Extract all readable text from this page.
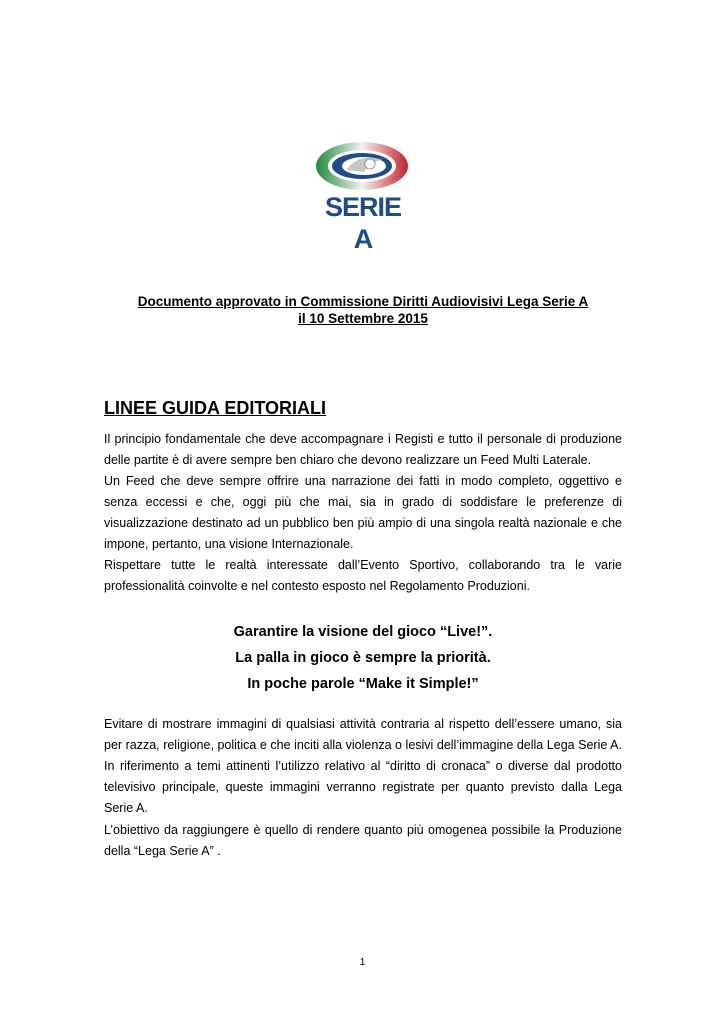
SERIE A
Documento approvato in Commissione Diritti Audiovisivi Lega Serie A
il 10 Settembre 2015
LINEE GUIDA EDITORIALI

Il principio fondamentale che deve accompagnare i Registi e tutto il personale di produzione delle partite è di avere sempre ben chiaro che devono realizzare un Feed Multi Laterale.

Un Feed che deve sempre offrire una narrazione dei fatti in modo completo, oggettivo e senza eccessi e che, oggi più che mai, sia in grado di soddisfare le preferenze di visualizzazione destinato ad un pubblico ben più ampio di una singola realtà nazionale e che impone, pertanto, una visione Internazionale.

Rispettare tutte le realtà interessate dall’Evento Sportivo, collaborando tra le varie professionalità coinvolte e nel contesto esposto nel Regolamento Produzioni.

Garantire la visione del gioco “Live!”.

La palla in gioco è sempre la priorità.

In poche parole “Make it Simple!”

Evitare di mostrare immagini di qualsiasi attività contraria al rispetto dell’essere umano, sia per razza, religione, politica e che inciti alla violenza o lesivi dell’immagine della Lega Serie A. In riferimento a temi attinenti l’utilizzo relativo al “diritto di cronaca” o diverse dal prodotto televisivo principale, queste immagini verranno registrate per quanto previsto dalla Lega Serie A.

L’obiettivo da raggiungere è quello di rendere quanto più omogenea possibile la Produzione della “Lega Serie A” .

1
